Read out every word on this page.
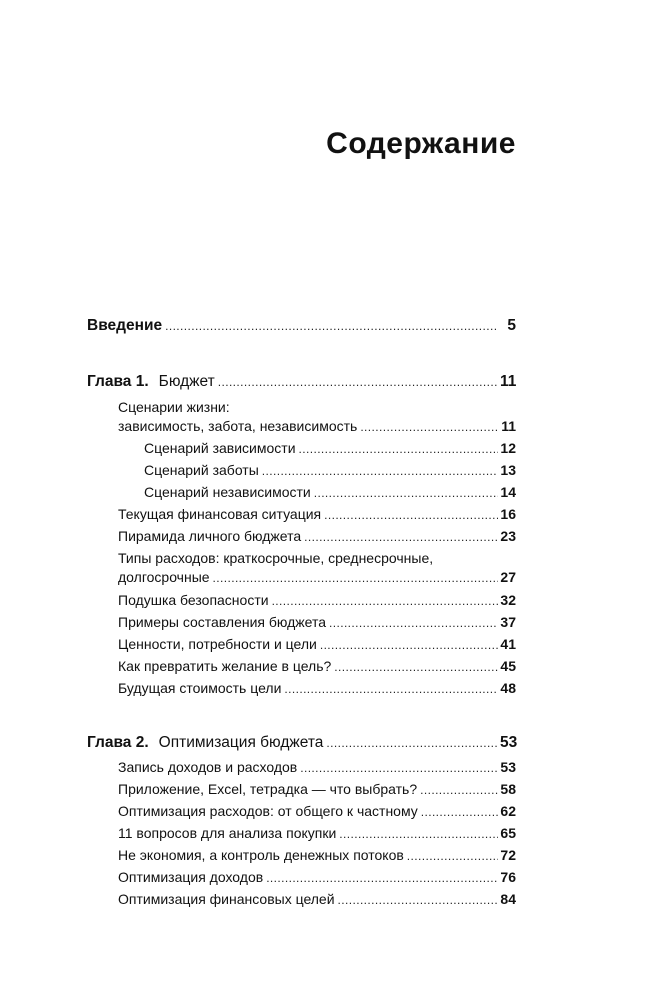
Содержание
Введение .....	5
Глава 1. Бюджет .....	11
Сценарии жизни:
зависимость, забота, независимость .....	11
Сценарий зависимости .....	12
Сценарий заботы .....	13
Сценарий независимости .....	14
Текущая финансовая ситуация .....	16
Пирамида личного бюджета .....	23
Типы расходов: краткосрочные, среднесрочные,
долгосрочные .....	27
Подушка безопасности .....	32
Примеры составления бюджета .....	37
Ценности, потребности и цели .....	41
Как превратить желание в цель? .....	45
Будущая стоимость цели .....	48
Глава 2. Оптимизация бюджета .....	53
Запись доходов и расходов .....	53
Приложение, Excel, тетрадка — что выбрать? .....	58
Оптимизация расходов: от общего к частному .....	62
11 вопросов для анализа покупки .....	65
Не экономия, а контроль денежных потоков .....	72
Оптимизация доходов .....	76
Оптимизация финансовых целей .....	84
